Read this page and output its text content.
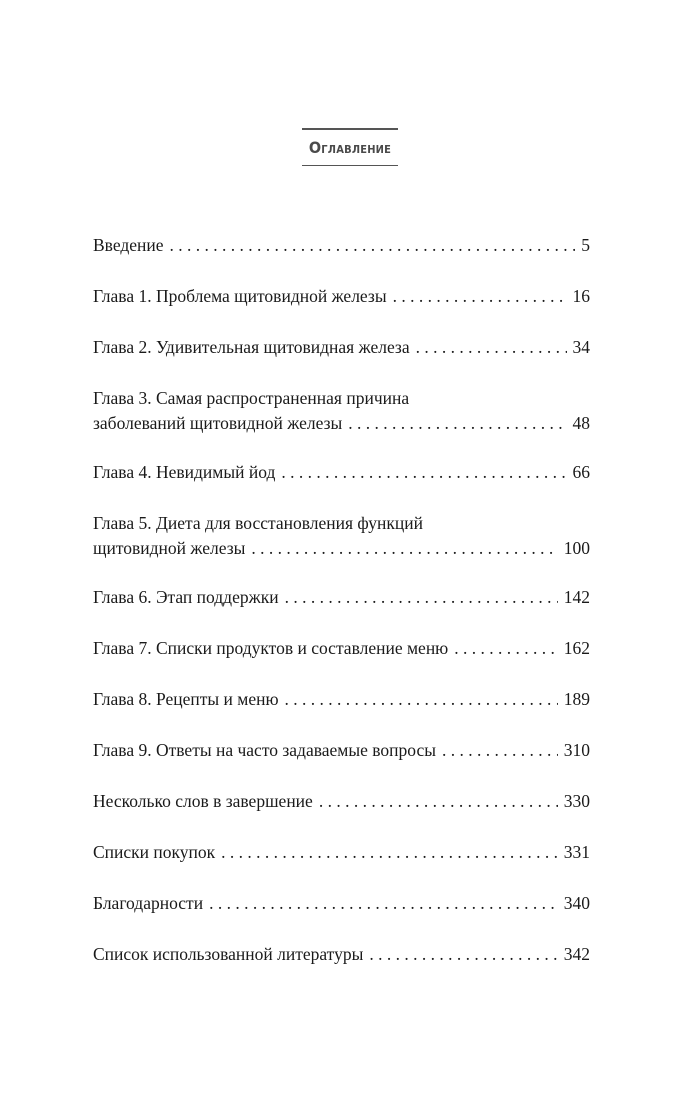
Оглавление
Введение . . .	5
Глава 1. Проблема щитовидной железы . . .	16
Глава 2. Удивительная щитовидная железа . . .	34
Глава 3. Самая распространенная причина
заболеваний щитовидной железы . . .	48
Глава 4. Невидимый йод . . .	66
Глава 5. Диета для восстановления функций
щитовидной железы . . .	100
Глава 6. Этап поддержки . . .	142
Глава 7. Списки продуктов и составление меню . . .	162
Глава 8. Рецепты и меню . . .	189
Глава 9. Ответы на часто задаваемые вопросы . . .	310
Несколько слов в завершение . . .	330
Списки покупок . . .	331
Благодарности . . .	340
Список использованной литературы . . .	342
